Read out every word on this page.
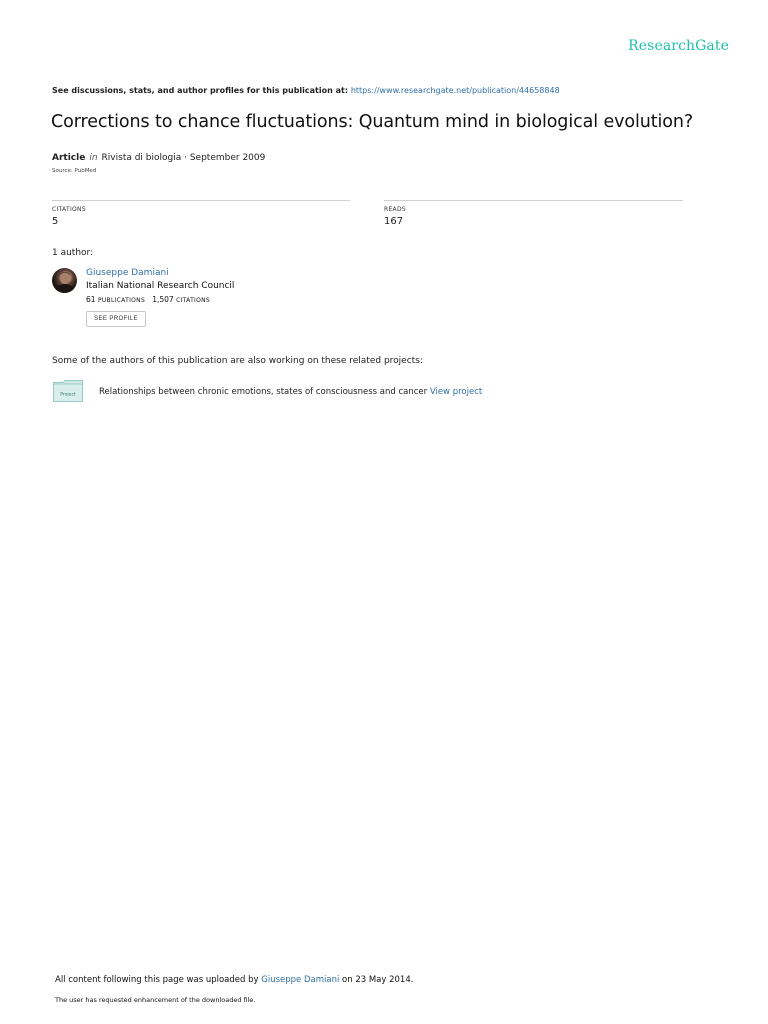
ResearchGate
See discussions, stats, and author profiles for this publication at: https://www.researchgate.net/publication/44658848
Corrections to chance fluctuations: Quantum mind in biological evolution?
Article in Rivista di biologia · September 2009
Source: PubMed
CITATIONS
5
READS
167
1 author:
Giuseppe Damiani
Italian National Research Council
61 PUBLICATIONS 1,507 CITATIONS
SEE PROFILE
Some of the authors of this publication are also working on these related projects:
Project	Relationships between chronic emotions, states of consciousness and cancer View project
All content following this page was uploaded by Giuseppe Damiani on 23 May 2014.
The user has requested enhancement of the downloaded file.
